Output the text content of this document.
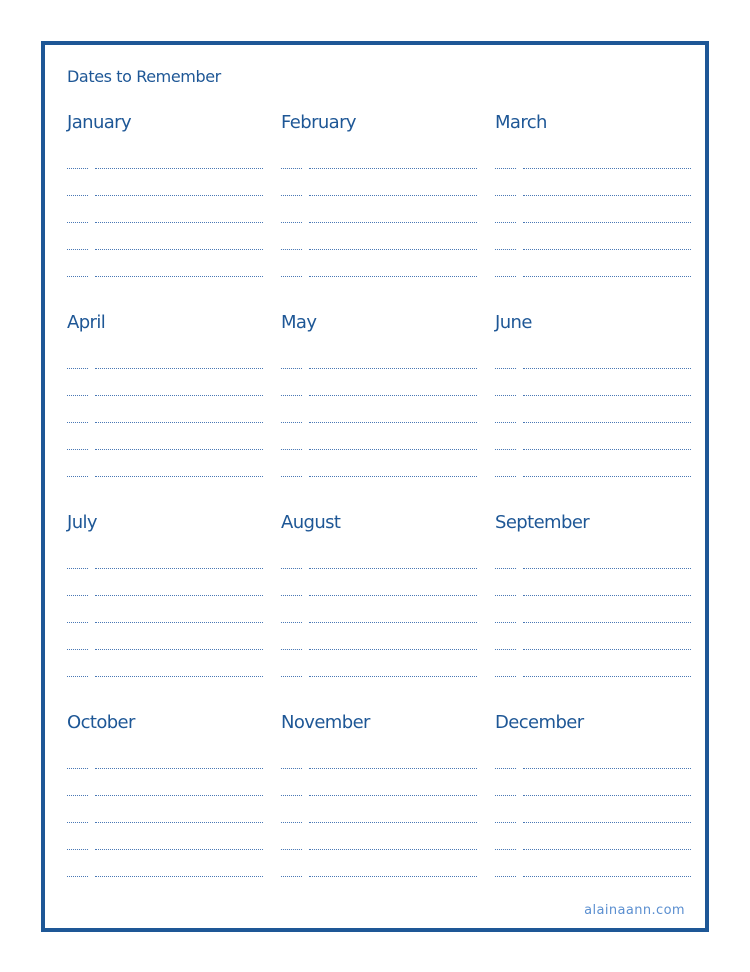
Dates to Remember
January	February	March
April	May	June
July	August	September
October	November	December
alainaann.com
